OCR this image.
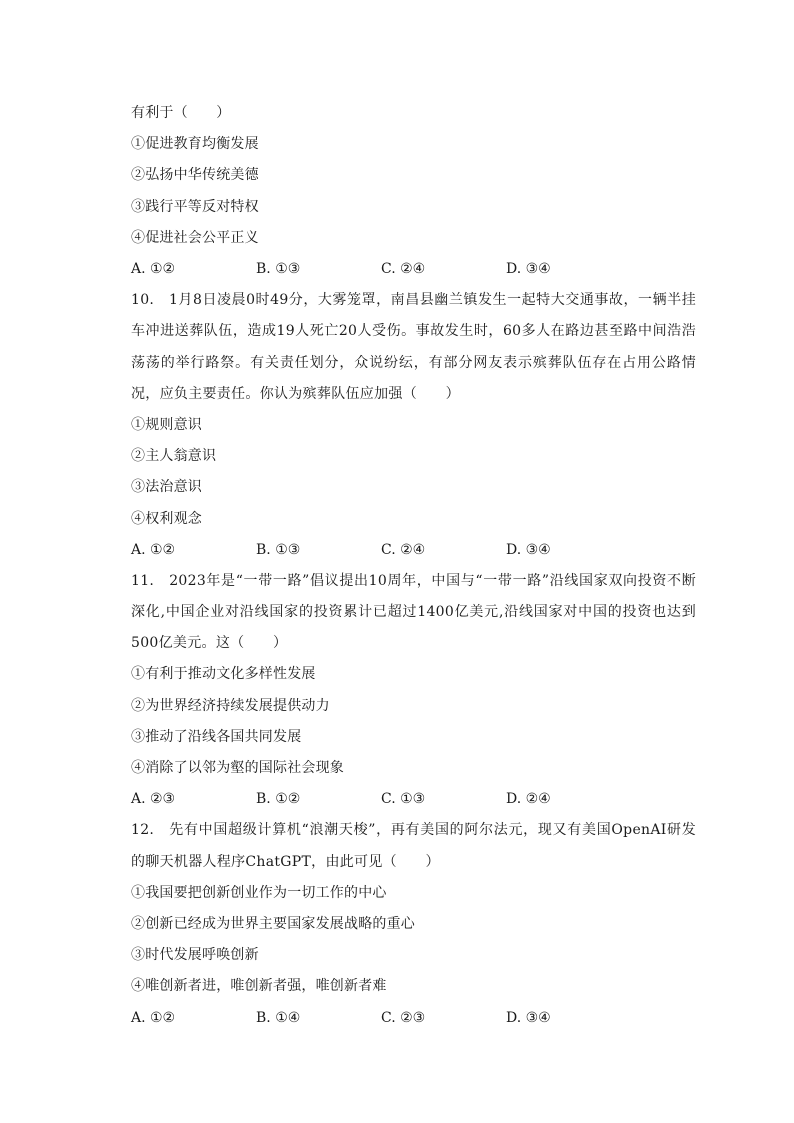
有利于（　　）
①促进教育均衡发展
②弘扬中华传统美德
③践行平等反对特权
④促进社会公平正义
A. ①②	B. ①③	C. ②④	D. ③④
10.　1月8日凌晨0时49分，大雾笼罩，南昌县幽兰镇发生一起特大交通事故，一辆半挂车冲进送葬队伍，造成19人死亡20人受伤。事故发生时，60多人在路边甚至路中间浩浩荡荡的举行路祭。有关责任划分，众说纷纭，有部分网友表示殡葬队伍存在占用公路情况，应负主要责任。你认为殡葬队伍应加强（　　）
①规则意识
②主人翁意识
③法治意识
④权利观念
A. ①②	B. ①③	C. ②④	D. ③④
11.　2023年是“一带一路”倡议提出10周年，中国与“一带一路”沿线国家双向投资不断深化,中国企业对沿线国家的投资累计已超过1400亿美元,沿线国家对中国的投资也达到500亿美元。这（　　）
①有利于推动文化多样性发展
②为世界经济持续发展提供动力
③推动了沿线各国共同发展
④消除了以邻为壑的国际社会现象
A. ②③	B. ①②	C. ①③	D. ②④
12.　先有中国超级计算机“浪潮天梭”，再有美国的阿尔法元，现又有美国OpenAI研发的聊天机器人程序ChatGPT，由此可见（　　）
①我国要把创新创业作为一切工作的中心
②创新已经成为世界主要国家发展战略的重心
③时代发展呼唤创新
④唯创新者进，唯创新者强，唯创新者难
A. ①②	B. ①④	C. ②③	D. ③④
